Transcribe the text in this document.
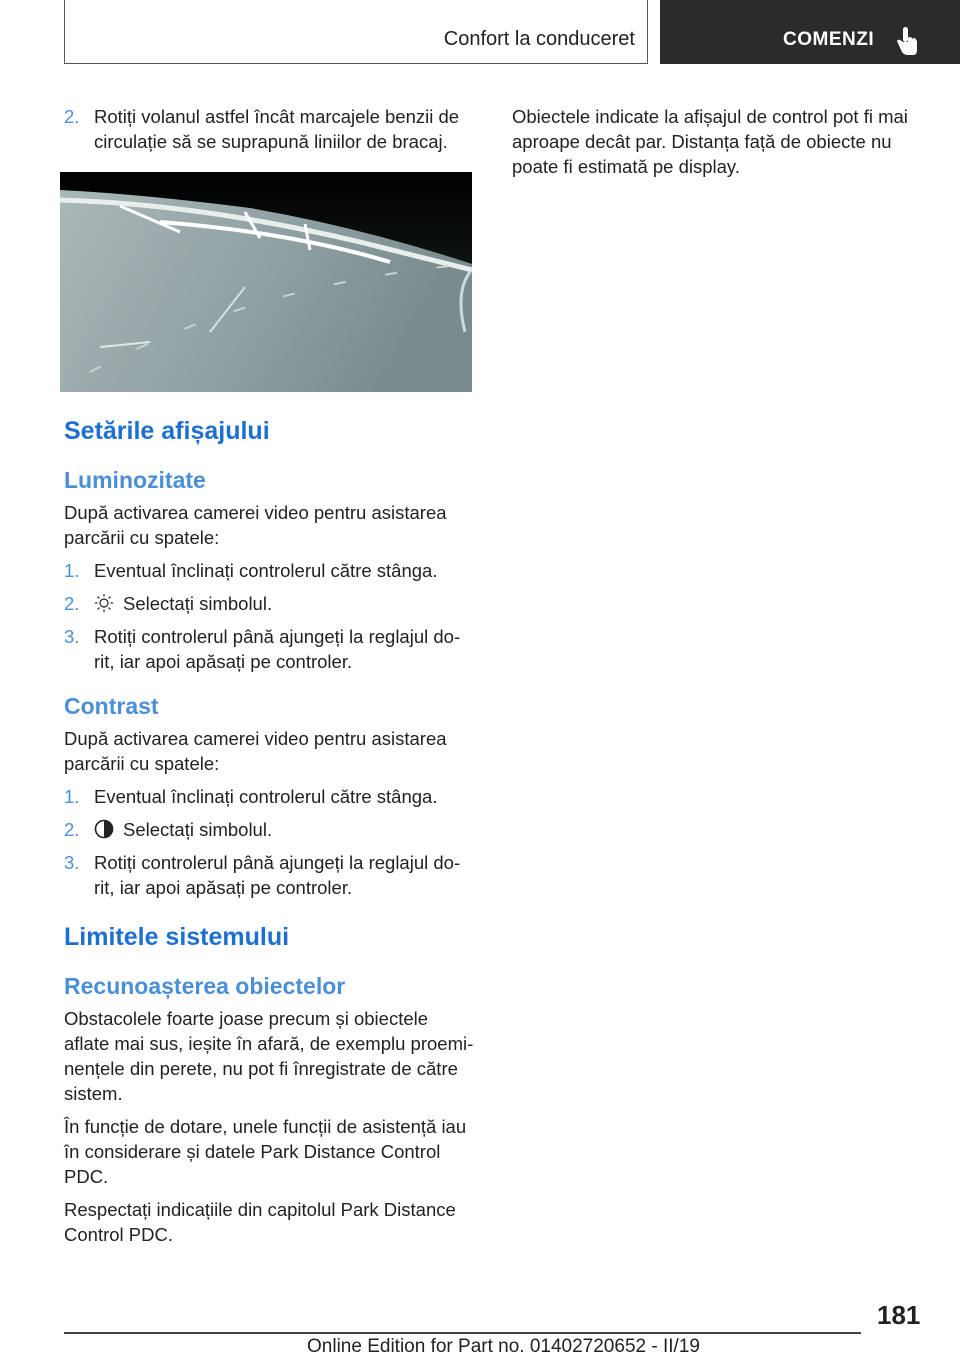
Confort la conduceret	COMENZI
2. Rotiți volanul astfel încât marcajele benzii de circulație să se suprapună liniilor de bracaj.
Setările afișajului
Luminozitate

După activarea camerei video pentru asistarea parcării cu spatele:

1. Eventual înclinați controlerul către stânga.
2. Selectați simbolul.
3. Rotiți controlerul până ajungeți la reglajul do-rit, iar apoi apăsați pe controler.
Contrast

După activarea camerei video pentru asistarea parcării cu spatele:

1. Eventual înclinați controlerul către stânga.
2. Selectați simbolul.
3. Rotiți controlerul până ajungeți la reglajul do-rit, iar apoi apăsați pe controler.
Limitele sistemului
Recunoașterea obiectelor

Obstacolele foarte joase precum și obiectele aflate mai sus, ieșite în afară, de exemplu proemi-nențele din perete, nu pot fi înregistrate de către sistem.

În funcție de dotare, unele funcții de asistență iau în considerare și datele Park Distance Control PDC.

Respectați indicațiile din capitolul Park Distance Control PDC.

Obiectele indicate la afișajul de control pot fi mai aproape decât par. Distanța față de obiecte nu poate fi estimată pe display.

181
Online Edition for Part no. 01402720652 - II/19
